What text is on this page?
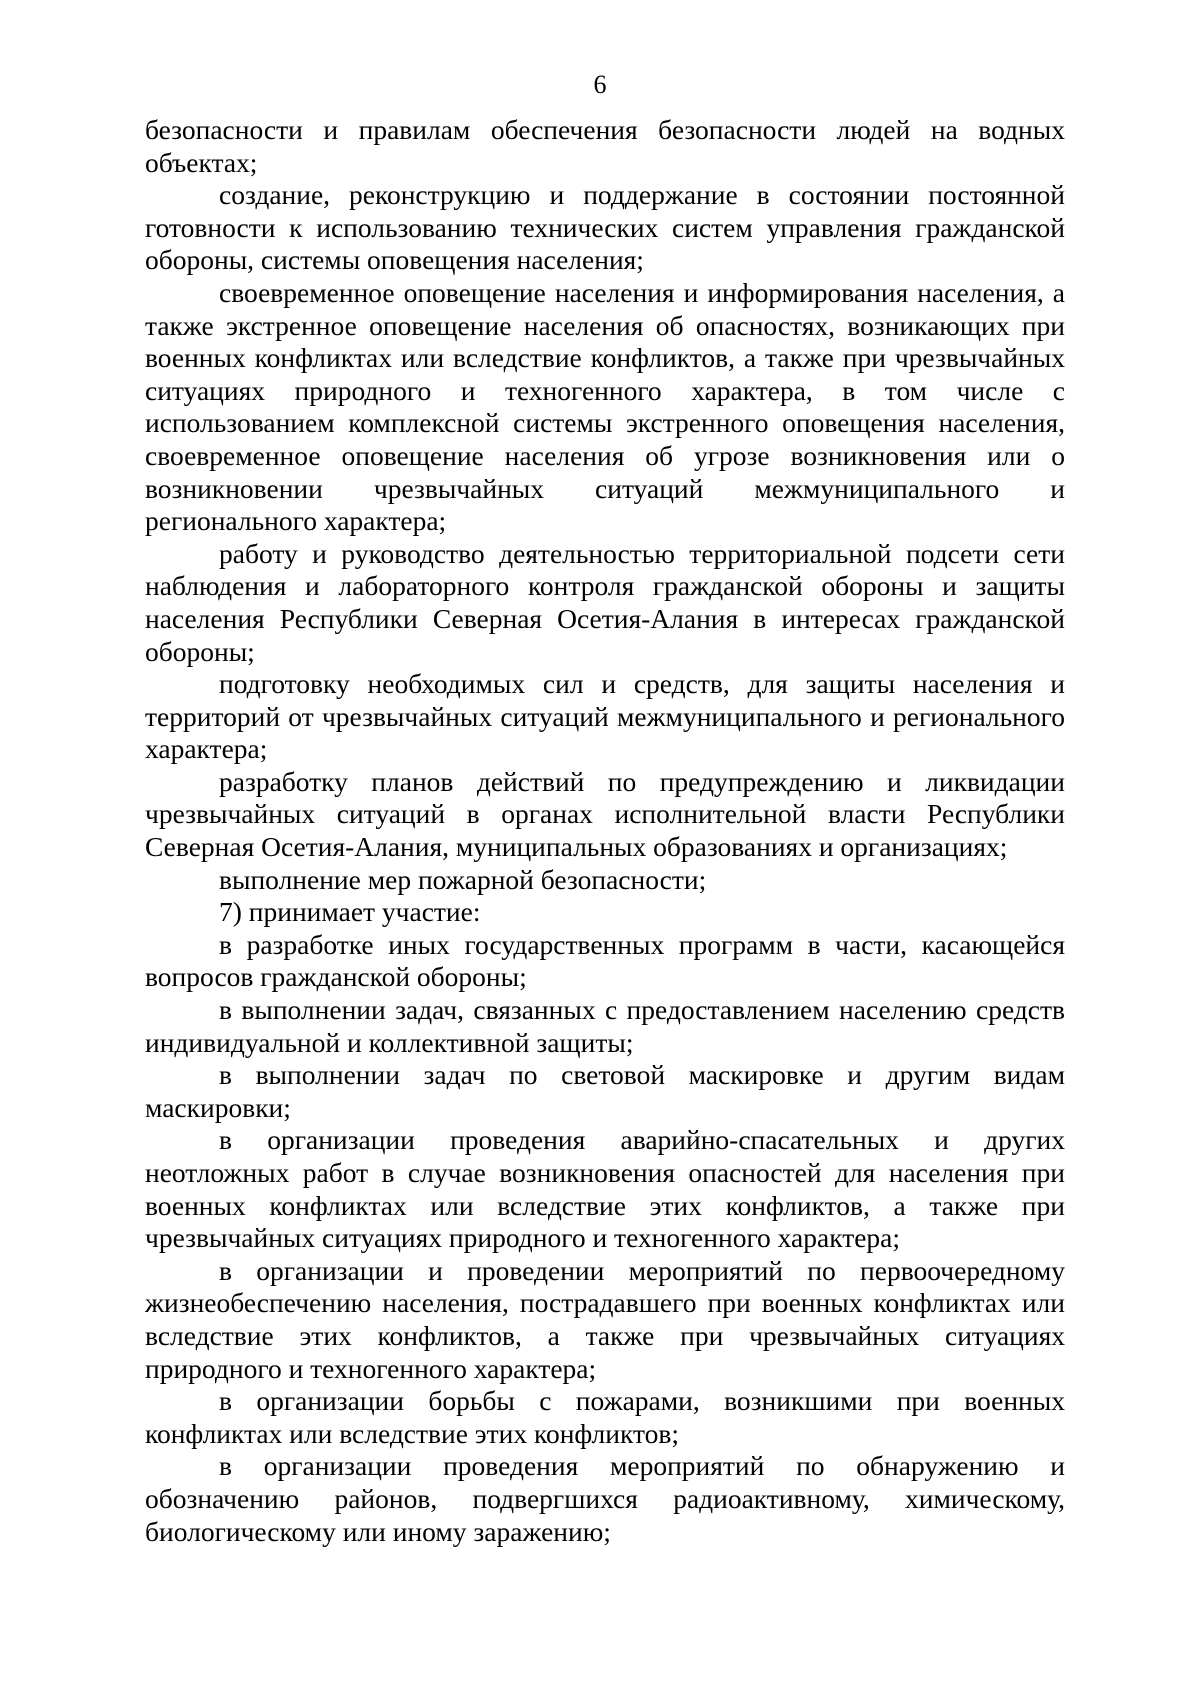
6

безопасности и правилам обеспечения безопасности людей на водных объектах;

создание, реконструкцию и поддержание в состоянии постоянной готовности к использованию технических систем управления гражданской обороны, системы оповещения населения;

своевременное оповещение населения и информирования населения, а также экстренное оповещение населения об опасностях, возникающих при военных конфликтах или вследствие конфликтов, а также при чрезвычайных ситуациях природного и техногенного характера, в том числе с использованием комплексной системы экстренного оповещения населения, своевременное оповещение населения об угрозе возникновения или о возникновении чрезвычайных ситуаций межмуниципального и регионального характера;

работу и руководство деятельностью территориальной подсети сети наблюдения и лабораторного контроля гражданской обороны и защиты населения Республики Северная Осетия-Алания в интересах гражданской обороны;

подготовку необходимых сил и средств, для защиты населения и территорий от чрезвычайных ситуаций межмуниципального и регионального характера;

разработку планов действий по предупреждению и ликвидации чрезвычайных ситуаций в органах исполнительной власти Республики Северная Осетия-Алания, муниципальных образованиях и организациях;

выполнение мер пожарной безопасности;

7) принимает участие:

в разработке иных государственных программ в части, касающейся вопросов гражданской обороны;

в выполнении задач, связанных с предоставлением населению средств индивидуальной и коллективной защиты;

в выполнении задач по световой маскировке и другим видам маскировки;

в организации проведения аварийно-спасательных и других неотложных работ в случае возникновения опасностей для населения при военных конфликтах или вследствие этих конфликтов, а также при чрезвычайных ситуациях природного и техногенного характера;

в организации и проведении мероприятий по первоочередному жизнеобеспечению населения, пострадавшего при военных конфликтах или вследствие этих конфликтов, а также при чрезвычайных ситуациях природного и техногенного характера;

в организации борьбы с пожарами, возникшими при военных конфликтах или вследствие этих конфликтов;

в организации проведения мероприятий по обнаружению и обозначению районов, подвергшихся радиоактивному, химическому, биологическому или иному заражению;
